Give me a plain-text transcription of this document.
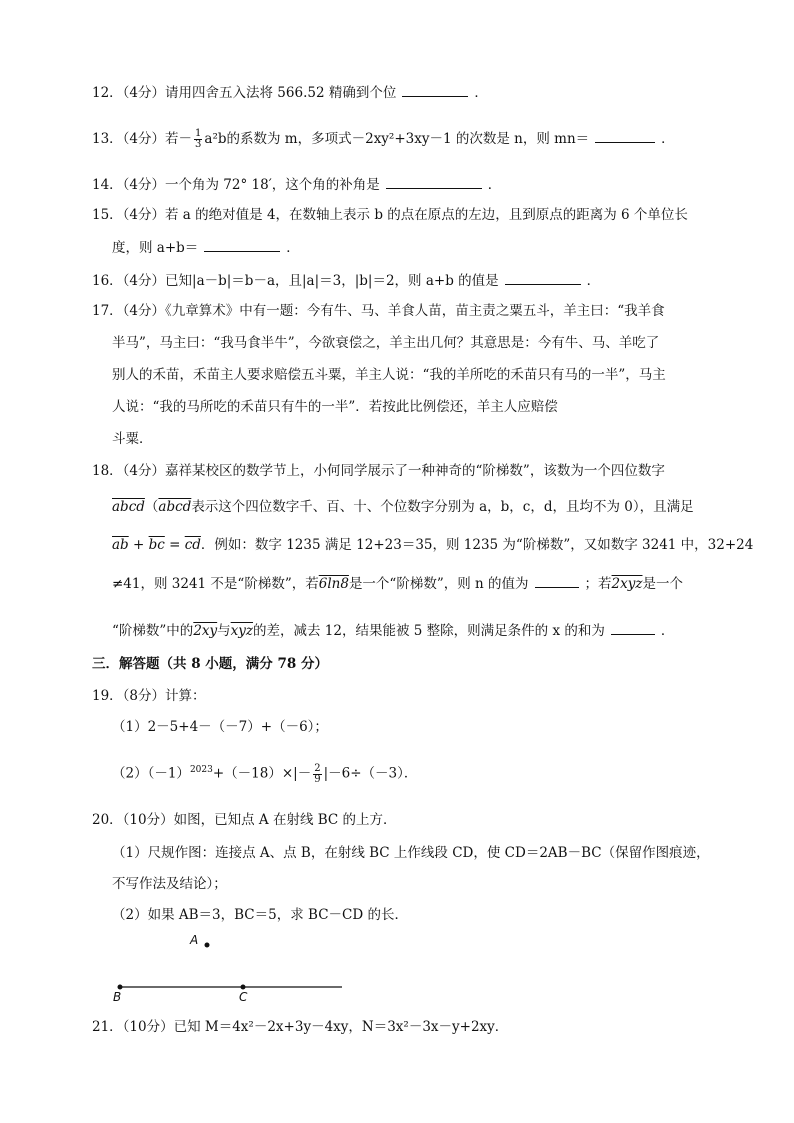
12．（4分）请用四舍五入法将 566.52 精确到个位	．
13．（4分）若－ $\frac{1}{3} a^2b$的系数为 m，多项式－2xy²+3xy－1 的次数是 n，则 mn＝	．
14．（4分）一个角为 72° 18′，这个角的补角是	．
15．（4分）若 a 的绝对值是 4，在数轴上表示 b 的点在原点的左边，且到原点的距离为 6 个单位长
度，则 a+b＝	．
16．（4分）已知|a－b|＝b－a，且|a|＝3，|b|＝2，则 a+b 的值是	．
17．（4分）《九章算术》中有一题：今有牛、马、羊食人苗，苗主责之粟五斗，羊主曰：“我羊食
半马”，马主曰：“我马食半牛”，今欲衰偿之，羊主出几何？其意思是：今有牛、马、羊吃了
别人的禾苗，禾苗主人要求赔偿五斗粟，羊主人说：“我的羊所吃的禾苗只有马的一半”，马主
人说：“我的马所吃的禾苗只有牛的一半”．若按此比例偿还，羊主人应赔偿
斗粟．
18．（4分）嘉祥某校区的数学节上，小何同学展示了一种神奇的“阶梯数”，该数为一个四位数字
abcd（abcd表示这个四位数字千、百、十、个位数字分别为 a，b，c，d，且均不为 0），且满足
$\overline{ab} + \overline{bc} = \overline{cd}$．例如：数字 1235 满足 12+23＝35，则 1235 为“阶梯数”，又如数字 3241 中，32+24
≠41，则 3241 不是“阶梯数”，若6ln8是一个“阶梯数”，则 n 的值为	；若2xyz是一个
“阶梯数”中的2xy与$\overline{xyz}$的差，减去 12，结果能被 5 整除，则满足条件的 x 的和为	．
三．解答题（共 8 小题，满分 78 分）
19．（8分）计算：
（1）2－5+4－（－7）+（－6）；
$(2)(-1)^{2023}+(-18)\times|- \frac{2}{9} |-6\div(-3)$．
20．（10分）如图，已知点 A 在射线 BC 的上方．
（1）尺规作图：连接点 A、点 B，在射线 BC 上作线段 CD，使 CD＝2AB－BC（保留作图痕迹，
不写作法及结论）；
（2）如果 AB＝3，BC＝5，求 BC－CD 的长．
A
B	C
21．（10分）已知 M＝4x²－2x+3y－4xy，N＝3x²－3x－y+2xy．
